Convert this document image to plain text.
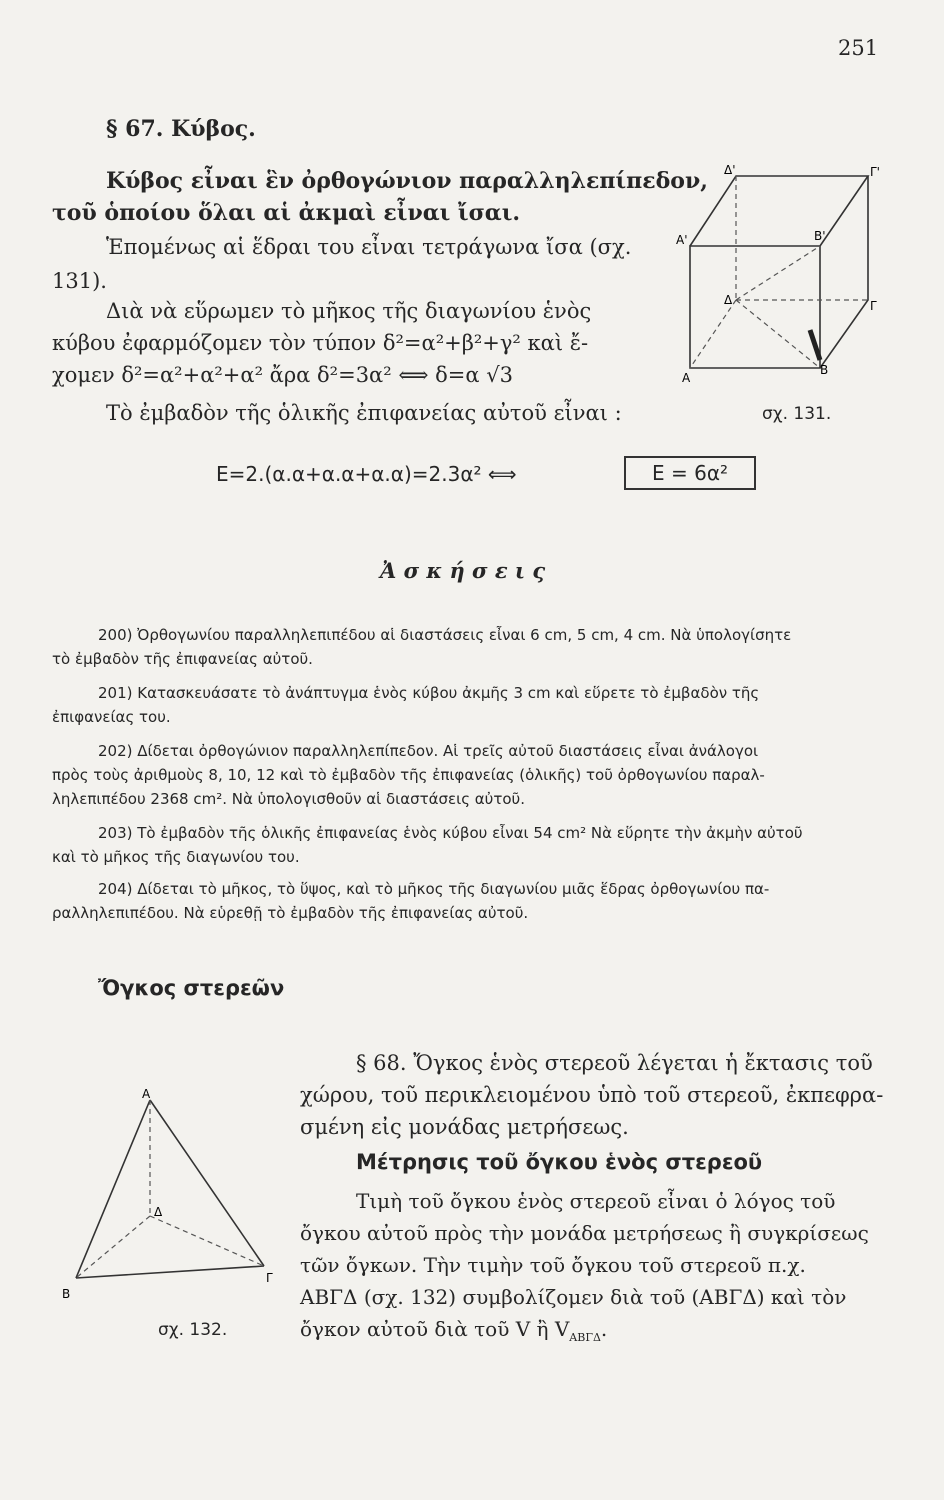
251
§ 67. Κύβος.
Κύβος εἶναι ἓν ὀρθογώνιον παραλληλεπίπεδον,
τοῦ ὁποίου ὅλαι αἱ ἀκμαὶ εἶναι ἴσαι.
Ἑπομένως αἱ ἕδραι του εἶναι τετράγωνα ἴσα (σχ.
131).
Διὰ νὰ εὕρωμεν τὸ μῆκος τῆς διαγωνίου ἑνὸς
κύβου ἐφαρμόζομεν τὸν τύπον δ²=α²+β²+γ² καὶ ἔ-
χομεν δ²=α²+α²+α² ἄρα δ²=3α² ⟺ δ=α √3
Τὸ ἐμβαδὸν τῆς ὁλικῆς ἐπιφανείας αὐτοῦ εἶναι :
E=2.(α.α+α.α+α.α)=2.3α² ⟺	E = 6α²
Δ'	Γ'
Α'	Β'
Δ	Γ
Α
Β
σχ. 131.
Ἀ σ κ ή σ ε ι ς
200) Ὀρθογωνίου παραλληλεπιπέδου αἱ διαστάσεις εἶναι 6 cm, 5 cm, 4 cm. Νὰ ὑπολογίσητε
τὸ ἐμβαδὸν τῆς ἐπιφανείας αὐτοῦ.
201) Κατασκευάσατε τὸ ἀνάπτυγμα ἑνὸς κύβου ἀκμῆς 3 cm καὶ εὕρετε τὸ ἐμβαδὸν τῆς
ἐπιφανείας του.
202) Δίδεται ὀρθογώνιον παραλληλεπίπεδον. Αἱ τρεῖς αὐτοῦ διαστάσεις εἶναι ἀνάλογοι
πρὸς τοὺς ἀριθμοὺς 8, 10, 12 καὶ τὸ ἐμβαδὸν τῆς ἐπιφανείας (ὁλικῆς) τοῦ ὀρθογωνίου παραλ-
ληλεπιπέδου 2368 cm². Νὰ ὑπολογισθοῦν αἱ διαστάσεις αὐτοῦ.
203) Τὸ ἐμβαδὸν τῆς ὁλικῆς ἐπιφανείας ἑνὸς κύβου εἶναι 54 cm² Νὰ εὕρητε τὴν ἀκμὴν αὐτοῦ
καὶ τὸ μῆκος τῆς διαγωνίου του.
204) Δίδεται τὸ μῆκος, τὸ ὕψος, καὶ τὸ μῆκος τῆς διαγωνίου μιᾶς ἕδρας ὀρθογωνίου πα-
ραλληλεπιπέδου. Νὰ εὑρεθῇ τὸ ἐμβαδὸν τῆς ἐπιφανείας αὐτοῦ.
Ὄγκος στερεῶν
§ 68. Ὄγκος ἑνὸς στερεοῦ λέγεται ἡ ἔκτασις τοῦ
χώρου, τοῦ περικλειομένου ὑπὸ τοῦ στερεοῦ, ἐκπεφρα-
σμένη εἰς μονάδας μετρήσεως.
Μέτρησις τοῦ ὄγκου ἑνὸς στερεοῦ
Τιμὴ τοῦ ὄγκου ἑνὸς στερεοῦ εἶναι ὁ λόγος τοῦ
ὄγκου αὐτοῦ πρὸς τὴν μονάδα μετρήσεως ἢ συγκρίσεως
τῶν ὄγκων. Τὴν τιμὴν τοῦ ὄγκου τοῦ στερεοῦ π.χ.
ΑΒΓΔ (σχ. 132) συμβολίζομεν διὰ τοῦ (ΑΒΓΔ) καὶ τὸν
ὄγκον αὐτοῦ διὰ τοῦ V ἢ $V_{AB\Gamma\Delta}$.
Α
Δ
Β
Γ
σχ. 132.
